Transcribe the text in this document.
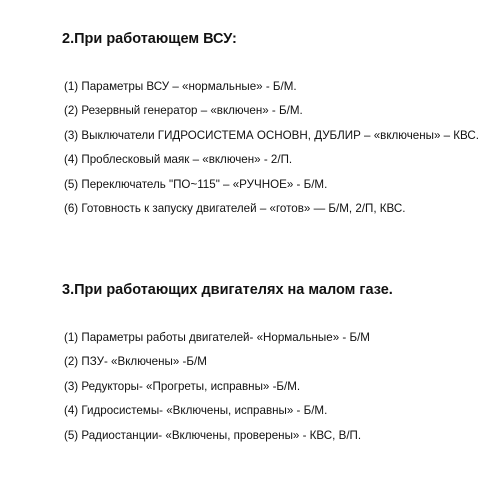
2.При работающем ВСУ:
(1) Параметры ВСУ – «нормальные» - Б/М.
(2) Резервный генератор – «включен» - Б/М.
(3) Выключатели ГИДРОСИСТЕМА ОСНОВН, ДУБЛИР – «включены» – КВС.
(4) Проблесковый маяк – «включен» - 2/П.
(5) Переключатель "ПО~115" – «РУЧНОЕ» - Б/М.
(6) Готовность к запуску двигателей – «готов» — Б/М, 2/П, КВС.
3.При работающих двигателях на малом газе.
(1) Параметры работы двигателей- «Нормальные» - Б/М
(2) ПЗУ- «Включены» -Б/М
(3) Редукторы- «Прогреты, исправны» -Б/М.
(4) Гидросистемы- «Включены, исправны» - Б/М.
(5) Радиостанции- «Включены, проверены» - КВС, В/П.
